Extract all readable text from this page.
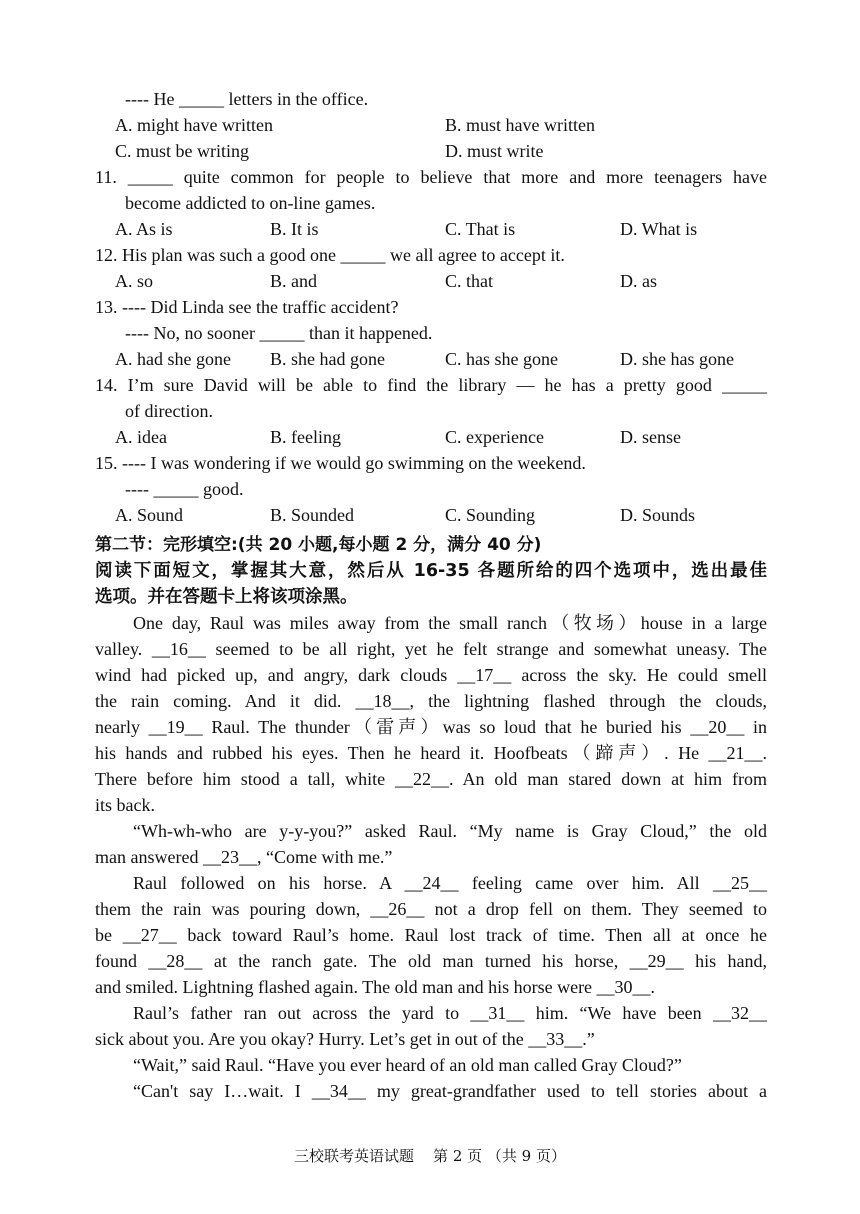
---- He _____ letters in the office.
A. might have written	B. must have written
C. must be writing	D. must write
11. _____ quite common for people to believe that more and more teenagers have
become addicted to on-line games.
A. As is	B. It is	C. That is	D. What is
12. His plan was such a good one _____ we all agree to accept it.
A. so	B. and	C. that	D. as
13. ---- Did Linda see the traffic accident?
---- No, no sooner _____ than it happened.
A. had she gone B. she had gone	C. has she gone	D. she has gone
14. I’m sure David will be able to find the library — he has a pretty good _____
of direction.
A. idea	B. feeling	C. experience	D. sense
15. ---- I was wondering if we would go swimming on the weekend.
---- _____ good.
A. Sound	B. Sounded	C. Sounding	D. Sounds
第二节：完形填空:(共 20 小题,每小题 2 分，满分 40 分)
阅读下面短文，掌握其大意，然后从 16-35 各题所给的四个选项中，选出最佳
选项。并在答题卡上将该项涂黑。
One day, Raul was miles away from the small ranch（牧场）house in a large
valley. __16__ seemed to be all right, yet he felt strange and somewhat uneasy. The
wind had picked up, and angry, dark clouds __17__ across the sky. He could smell
the rain coming. And it did. __18__, the lightning flashed through the clouds,
nearly __19__ Raul. The thunder（雷声）was so loud that he buried his __20__ in
his hands and rubbed his eyes. Then he heard it. Hoofbeats（蹄声）. He __21__.
There before him stood a tall, white __22__. An old man stared down at him from
its back.
“Wh-wh-who are y-y-you?” asked Raul. “My name is Gray Cloud,” the old
man answered __23__, “Come with me.”
Raul followed on his horse. A __24__ feeling came over him. All __25__
them the rain was pouring down, __26__ not a drop fell on them. They seemed to
be __27__ back toward Raul’s home. Raul lost track of time. Then all at once he
found __28__ at the ranch gate. The old man turned his horse, __29__ his hand,
and smiled. Lightning flashed again. The old man and his horse were __30__.
Raul’s father ran out across the yard to __31__ him. “We have been __32__
sick about you. Are you okay? Hurry. Let’s get in out of the __33__.”
“Wait,” said Raul. “Have you ever heard of an old man called Gray Cloud?”
“Can't say I…wait. I __34__ my great-grandfather used to tell stories about a
三校联考英语试题    第 2 页 （共 9 页）
